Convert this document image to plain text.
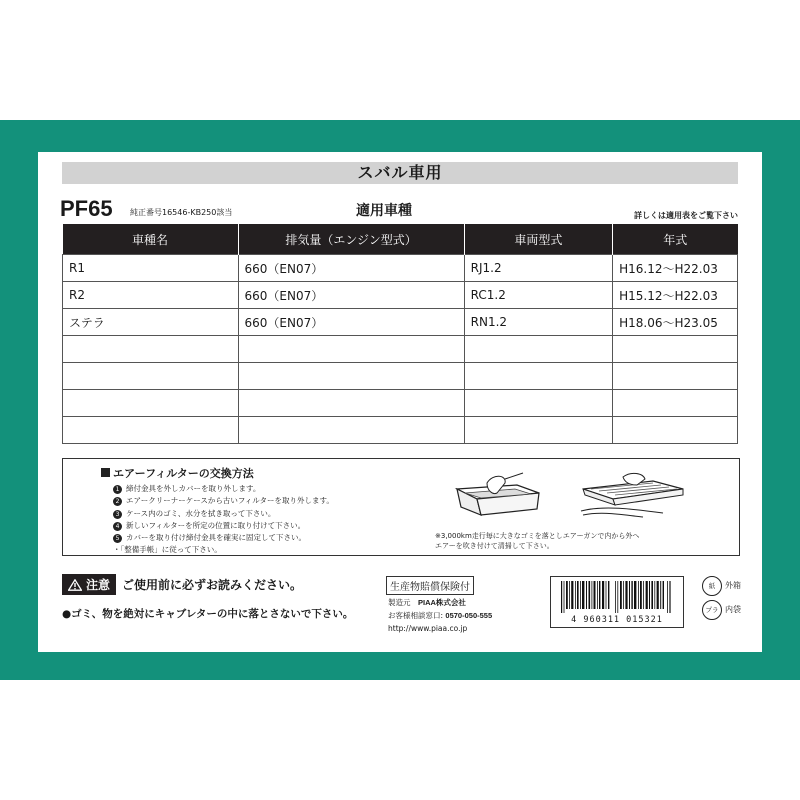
スバル車用
PF65 純正番号16546-KB250該当	適用車種	詳しくは適用表をご覧下さい
車種名	排気量（エンジン型式）	車両型式	年式
R1	660（EN07）	RJ1.2	H16.12〜H22.03
R2	660（EN07）	RC1.2	H15.12〜H22.03
ステラ	660（EN07）	RN1.2	H18.06〜H23.05

エアーフィルターの交換方法
1 締付金具を外しカバーを取り外します。
2 エアークリーナーケースから古いフィルターを取り外します。
3 ケース内のゴミ、水分を拭き取って下さい。
4 新しいフィルターを所定の位置に取り付けて下さい。
5 カバーを取り付け締付金具を確実に固定して下さい。
・「整備手帳」に従って下さい。
※3,000km走行毎に大きなゴミを落としエアーガンで内から外へ
エアーを吹き付けて清掃して下さい。
注意 ご使用前に必ずお読みください。
●ゴミ、物を絶対にキャブレターの中に落とさないで下さい。
生産物賠償保険付
製造元　 PIAA株式会社
お客様相談窓口: 0570-050-555
http://www.piaa.co.jp
4 960311 015321
紙 外箱
プラ 内袋
